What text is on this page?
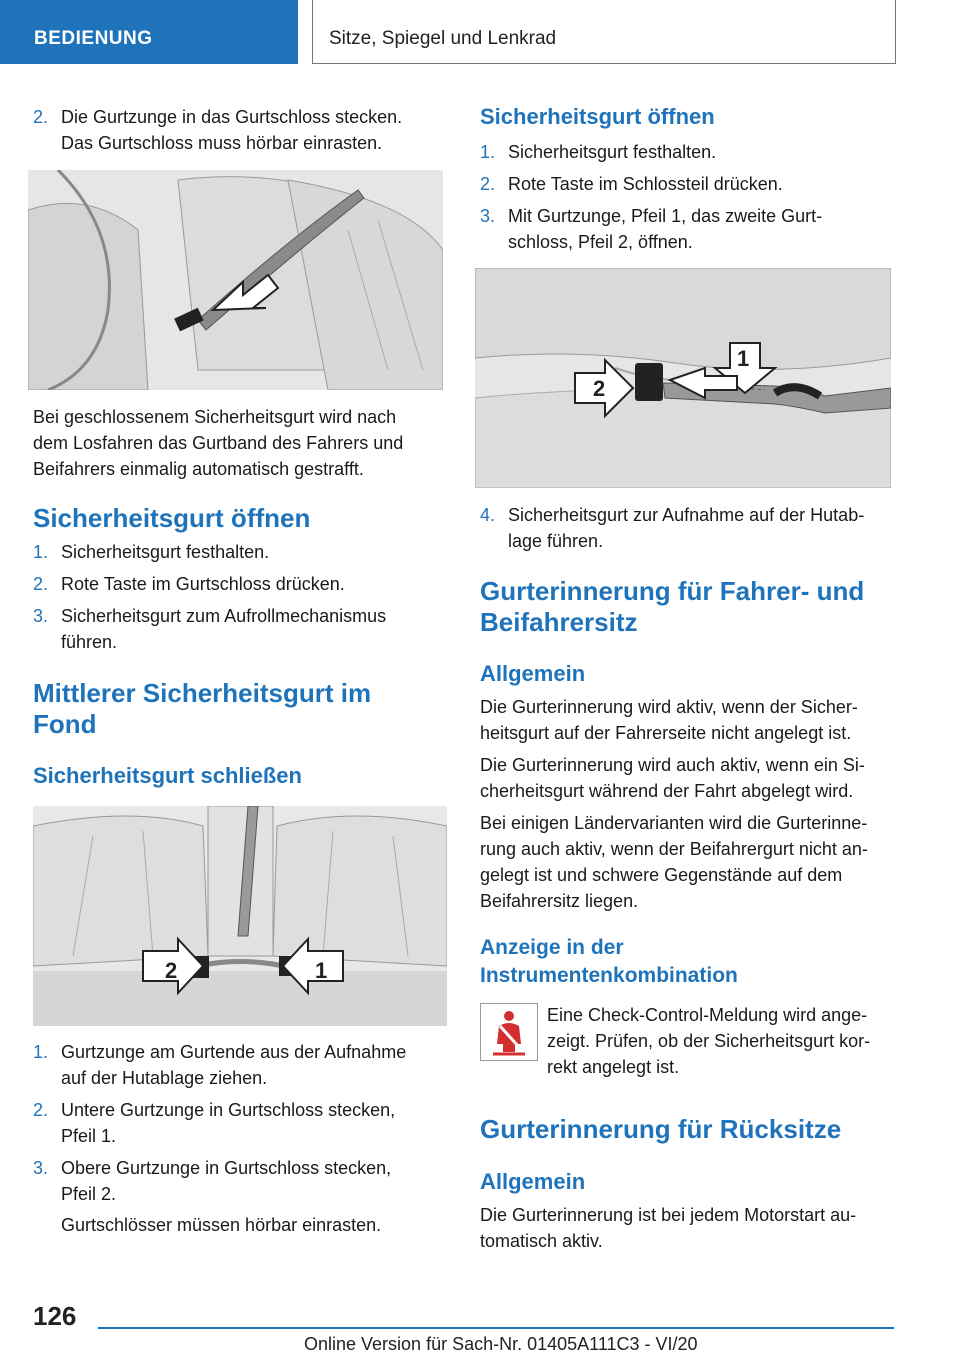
BEDIENUNG	Sitze, Spiegel und Lenkrad
2. Die Gurtzunge in das Gurtschloss stecken.
Das Gurtschloss muss hörbar einrasten.
Bei geschlossenem Sicherheitsgurt wird nach
dem Losfahren das Gurtband des Fahrers und
Beifahrers einmalig automatisch gestrafft.
Sicherheitsgurt öffnen
1. Sicherheitsgurt festhalten.
2. Rote Taste im Gurtschloss drücken.
3. Sicherheitsgurt zum Aufrollmechanismus
führen.
Mittlerer Sicherheitsgurt im
Fond
Sicherheitsgurt schließen
2	1
1. Gurtzunge am Gurtende aus der Aufnahme
auf der Hutablage ziehen.
2. Untere Gurtzunge in Gurtschloss stecken,
Pfeil 1.
3. Obere Gurtzunge in Gurtschloss stecken,
Pfeil 2.
Gurtschlösser müssen hörbar einrasten.
Sicherheitsgurt öffnen
1. Sicherheitsgurt festhalten.
2. Rote Taste im Schlossteil drücken.
3. Mit Gurtzunge, Pfeil 1, das zweite Gurt-
schloss, Pfeil 2, öffnen.
2
1
4. Sicherheitsgurt zur Aufnahme auf der Hutab-
lage führen.
Gurterinnerung für Fahrer- und
Beifahrersitz
Allgemein
Die Gurterinnerung wird aktiv, wenn der Sicher-
heitsgurt auf der Fahrerseite nicht angelegt ist.
Die Gurterinnerung wird auch aktiv, wenn ein Si-
cherheitsgurt während der Fahrt abgelegt wird.
Bei einigen Ländervarianten wird die Gurterinne-
rung auch aktiv, wenn der Beifahrergurt nicht an-
gelegt ist und schwere Gegenstände auf dem
Beifahrersitz liegen.
Anzeige in der
Instrumentenkombination
Eine Check-Control-Meldung wird ange-
zeigt. Prüfen, ob der Sicherheitsgurt kor-
rekt angelegt ist.
Gurterinnerung für Rücksitze
Allgemein
Die Gurterinnerung ist bei jedem Motorstart au-
tomatisch aktiv.
126
Online Version für Sach-Nr. 01405A111C3 - VI/20
